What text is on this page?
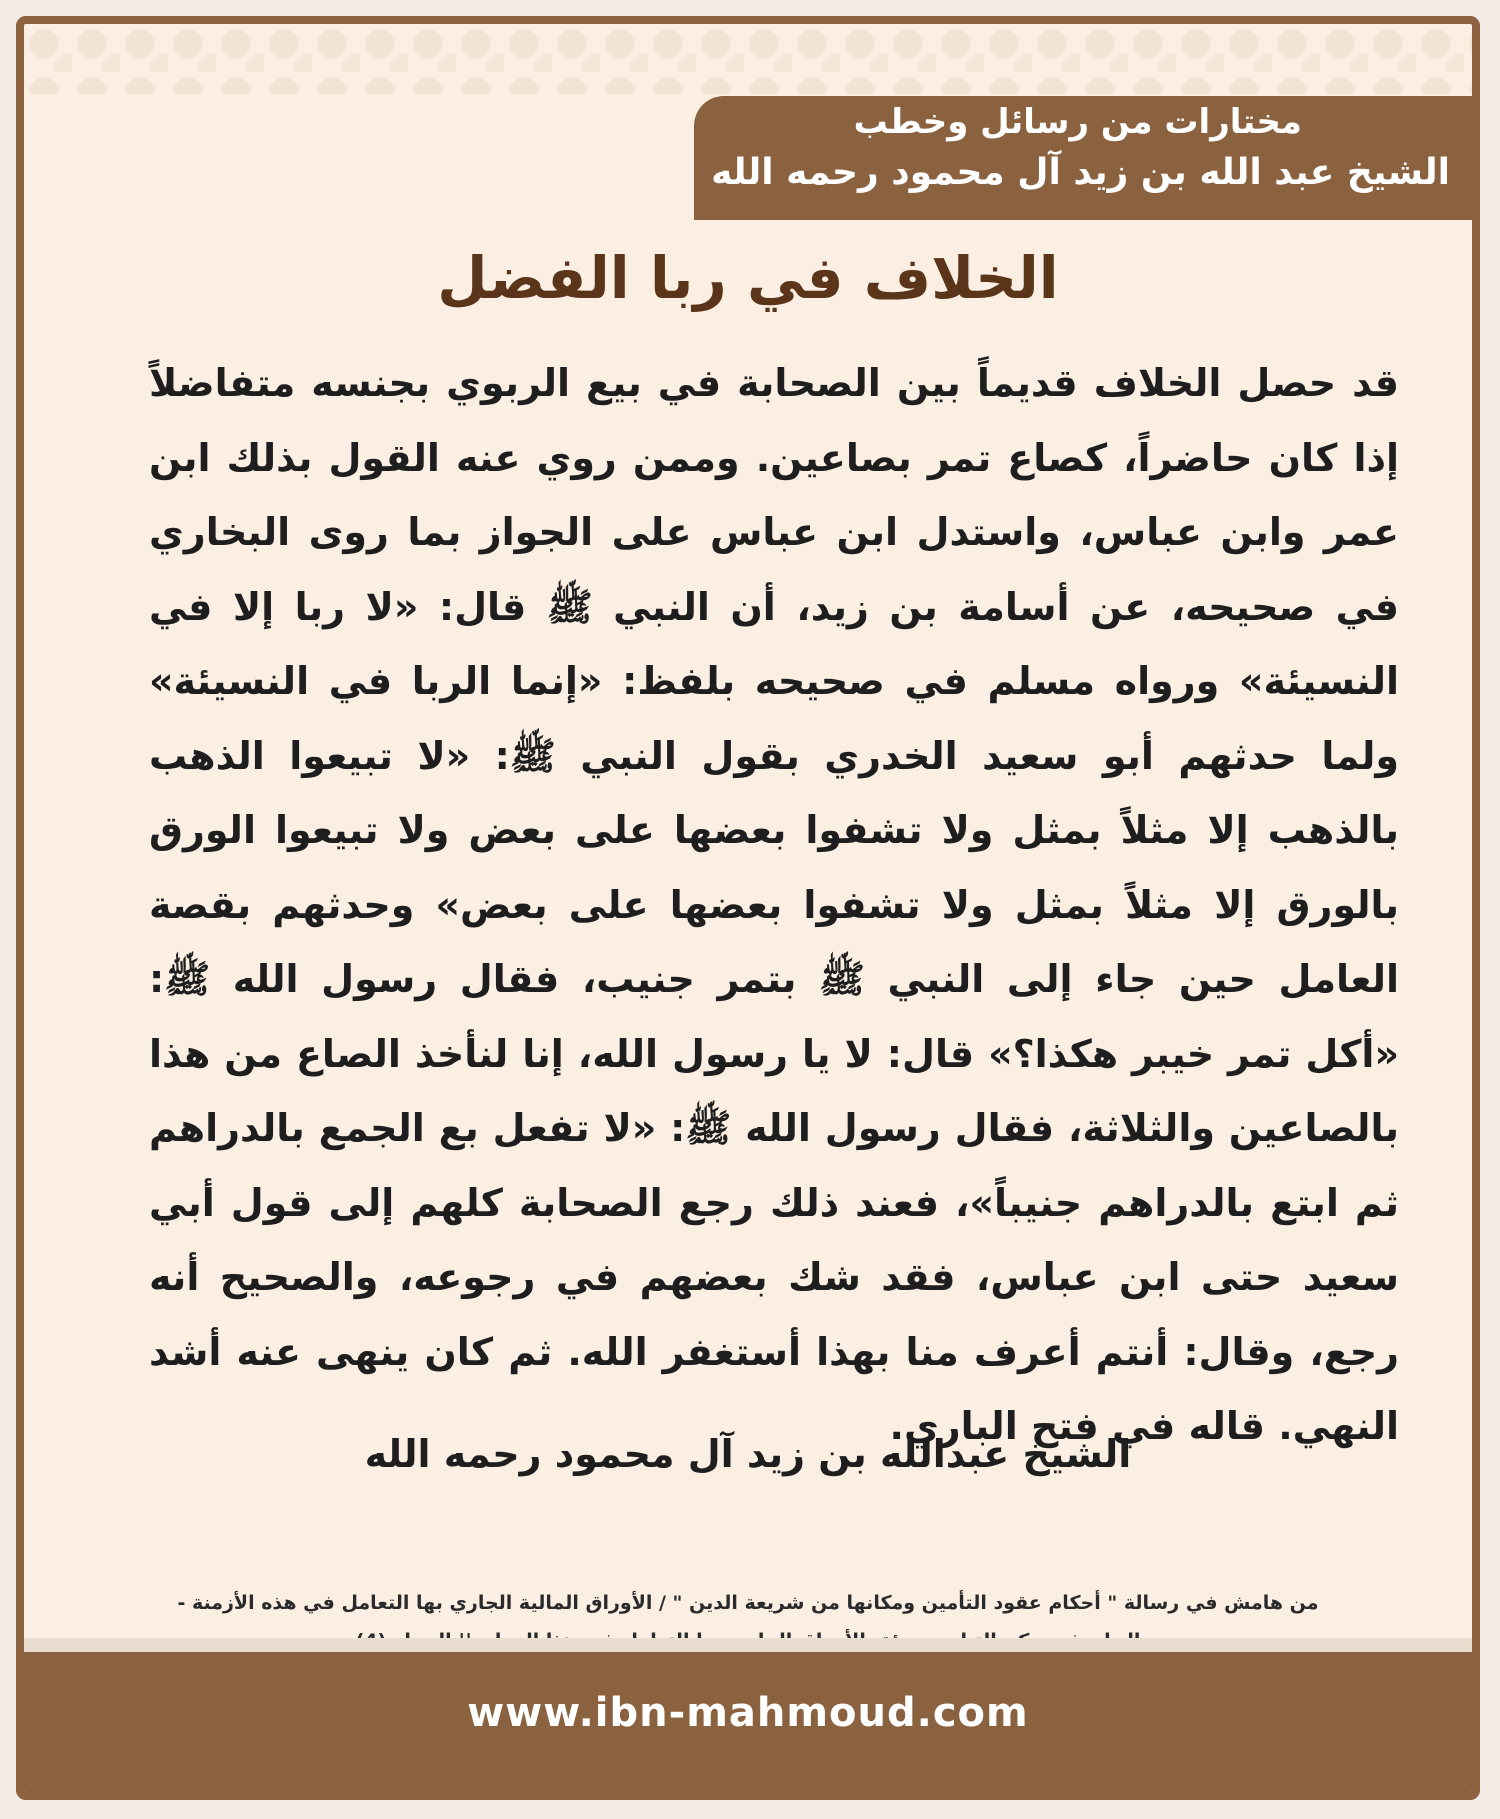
مختارات من رسائل وخطب
الشيخ عبد الله بن زيد آل محمود رحمه الله
الخلاف في ربا الفضل
قد حصل الخلاف قديماً بين الصحابة في بيع الربوي بجنسه متفاضلاً إذا كان حاضراً، كصاع تمر بصاعين. وممن روي عنه القول بذلك ابن عمر وابن عباس، واستدل ابن عباس على الجواز بما روى البخاري في صحيحه، عن أسامة بن زيد، أن النبي ﷺ قال: «لا ربا إلا في النسيئة» ورواه مسلم في صحيحه بلفظ: «إنما الربا في النسيئة» ولما حدثهم أبو سعيد الخدري بقول النبي ﷺ: «لا تبيعوا الذهب بالذهب إلا مثلاً بمثل ولا تشفوا بعضها على بعض ولا تبيعوا الورق بالورق إلا مثلاً بمثل ولا تشفوا بعضها على بعض» وحدثهم بقصة العامل حين جاء إلى النبي ﷺ بتمر جنيب، فقال رسول الله ﷺ: «أكل تمر خيبر هكذا؟» قال: لا يا رسول الله، إنا لنأخذ الصاع من هذا بالصاعين والثلاثة، فقال رسول الله ﷺ: «لا تفعل بع الجمع بالدراهم ثم ابتع بالدراهم جنيباً»، فعند ذلك رجع الصحابة كلهم إلى قول أبي سعيد حتى ابن عباس، فقد شك بعضهم في رجوعه، والصحيح أنه رجع، وقال: أنتم أعرف منا بهذا أستغفر الله. ثم كان ينهى عنه أشد النهي. قاله في فتح الباري.
الشيخ عبدالله بن زيد آل محمود رحمه الله
من هامش في رسالة " أحكام عقود التأمين ومكانها من شريعة الدين " / الأوراق المالية الجاري بها التعامل في هذه الأزمنة -
www.ibn-mahmoud.com
